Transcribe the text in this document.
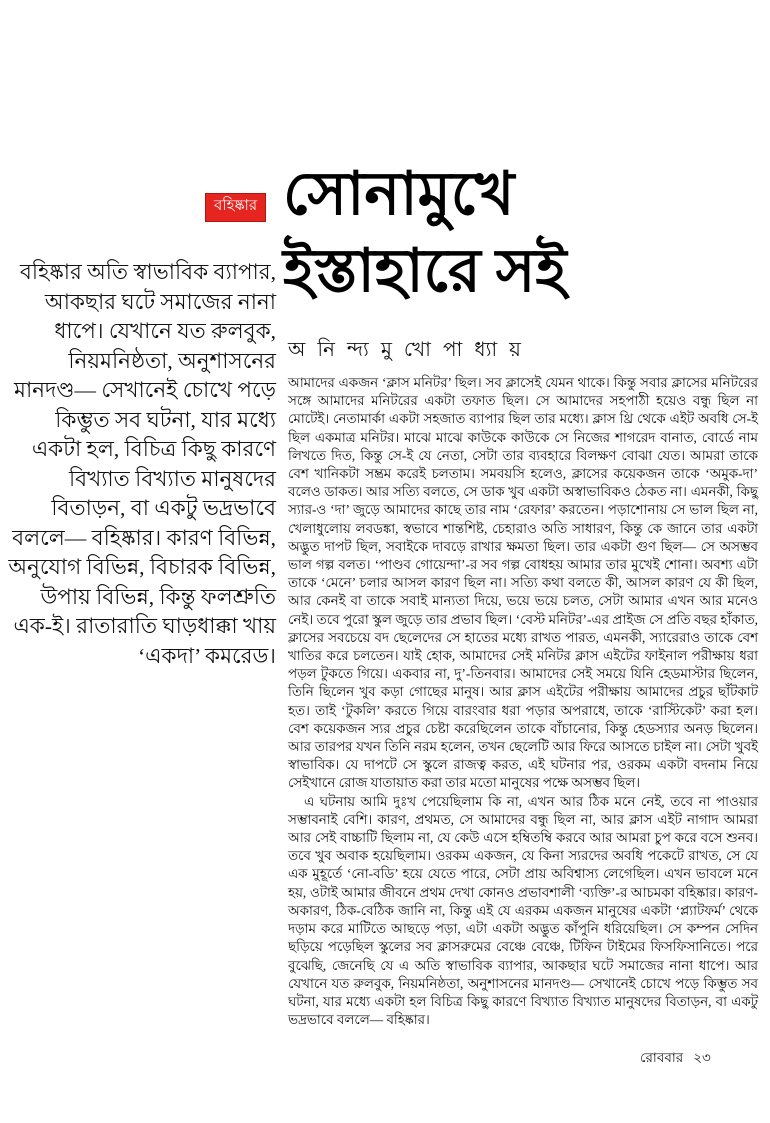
বহিষ্কার সোনামুখে
ইস্তাহারে সই
অ নি ন্দ্য মু খো পা ধ্যা য়
বহিষ্কার অতি স্বাভাবিক ব্যাপার, আকছার ঘটে সমাজের নানা ধাপে। যেখানে যত রুলবুক, নিয়মনিষ্ঠতা, অনুশাসনের মানদণ্ড— সেখানেই চোখে পড়ে কিম্ভুত সব ঘটনা, যার মধ্যে একটা হল, বিচিত্র কিছু কারণে বিখ্যাত বিখ্যাত মানুষদের বিতাড়ন, বা একটু ভদ্রভাবে বললে— বহিষ্কার। কারণ বিভিন্ন, অনুযোগ বিভিন্ন, বিচারক বিভিন্ন, উপায় বিভিন্ন, কিন্তু ফলশ্রুতি এক-ই। রাতারাতি ঘাড়ধাক্কা খায় ‘একদা’ কমরেড।

আমাদের একজন ‘ক্লাস মনিটর’ ছিল। সব ক্লাসেই যেমন থাকে। কিন্তু সবার ক্লাসের মনিটরের সঙ্গে আমাদের মনিটরের একটা তফাত ছিল। সে আমাদের সহপাঠী হয়েও বন্ধু ছিল না মোটেই। নেতামার্কা একটা সহজাত ব্যাপার ছিল তার মধ্যে। ক্লাস থ্রি থেকে এইট অবধি সে-ই ছিল একমাত্র মনিটর। মাঝে মাঝে কাউকে কাউকে সে নিজের শাগরেদ বানাত, বোর্ডে নাম লিখতে দিত, কিন্তু সে-ই যে নেতা, সেটা তার ব্যবহারে বিলক্ষণ বোঝা যেত। আমরা তাকে বেশ খানিকটা সম্ভ্রম করেই চলতাম। সমবয়সি হলেও, ক্লাসের কয়েকজন তাকে ‘অমুক-দা’ বলেও ডাকত। আর সত্যি বলতে, সে ডাক খুব একটা অস্বাভাবিকও ঠেকত না। এমনকী, কিছু স্যার-ও ‘দা’ জুড়ে আমাদের কাছে তার নাম ‘রেফার’ করতেন। পড়াশোনায় সে ভাল ছিল না, খেলাধুলোয় লবডঙ্কা, স্বভাবে শান্তশিষ্ট, চেহারাও অতি সাধারণ, কিন্তু কে জানে তার একটা অদ্ভুত দাপট ছিল, সবাইকে দাবড়ে রাখার ক্ষমতা ছিল। তার একটা গুণ ছিল— সে অসম্ভব ভাল গল্প বলত। ‘পাণ্ডব গোয়েন্দা’-র সব গল্প বোধহয় আমার তার মুখেই শোনা। অবশ্য এটা তাকে ‘মেনে’ চলার আসল কারণ ছিল না। সত্যি কথা বলতে কী, আসল কারণ যে কী ছিল, আর কেনই বা তাকে সবাই মান্যতা দিয়ে, ভয়ে ভয়ে চলত, সেটা আমার এখন আর মনেও নেই। তবে পুরো স্কুল জুড়ে তার প্রভাব ছিল। ‘বেস্ট মনিটর’-এর প্রাইজ সে প্রতি বছর হাঁকাত, ক্লাসের সবচেয়ে বদ ছেলেদের সে হাতের মধ্যে রাখত পারত, এমনকী, স্যারেরাও তাকে বেশ খাতির করে চলতেন। যাই হোক, আমাদের সেই মনিটর ক্লাস এইটের ফাইনাল পরীক্ষায় ধরা পড়ল টুকতে গিয়ে। একবার না, দু’-তিনবার। আমাদের সেই সময়ে যিনি হেডমাস্টার ছিলেন, তিনি ছিলেন খুব কড়া গোছের মানুষ। আর ক্লাস এইটের পরীক্ষায় আমাদের প্রচুর ছাঁটকাট হত। তাই ‘টুকলি’ করতে গিয়ে বারংবার ধরা পড়ার অপরাধে, তাকে ‘রাস্টিকেট’ করা হল। বেশ কয়েকজন স্যর প্রচুর চেষ্টা করেছিলেন তাকে বাঁচানোর, কিন্তু হেডস্যার অনড় ছিলেন। আর তারপর যখন তিনি নরম হলেন, তখন ছেলেটি আর ফিরে আসতে চাইল না। সেটা খুবই স্বাভাবিক। যে দাপটে সে স্কুলে রাজত্ব করত, এই ঘটনার পর, ওরকম একটা বদনাম নিয়ে সেইখানে রোজ যাতায়াত করা তার মতো মানুষের পক্ষে অসম্ভব ছিল।

এ ঘটনায় আমি দুঃখ পেয়েছিলাম কি না, এখন আর ঠিক মনে নেই, তবে না পাওয়ার সম্ভাবনাই বেশি। কারণ, প্রথমত, সে আমাদের বন্ধু ছিল না, আর ক্লাস এইট নাগাদ আমরা আর সেই বাচ্চাটি ছিলাম না, যে কেউ এসে হম্বিতম্বি করবে আর আমরা চুপ করে বসে শুনব। তবে খুব অবাক হয়েছিলাম। ওরকম একজন, যে কিনা স্যরদের অবধি পকেটে রাখত, সে যে এক মুহূর্তে ‘নো-বডি’ হয়ে যেতে পারে, সেটা প্রায় অবিশ্বাস্য লেগেছিল। এখন ভাবলে মনে হয়, ওটাই আমার জীবনে প্রথম দেখা কোনও প্রভাবশালী ‘ব্যক্তি’-র আচমকা বহিষ্কার। কারণ-অকারণ, ঠিক-বেঠিক জানি না, কিন্তু এই যে এরকম একজন মানুষের একটা ‘প্ল্যাটফর্ম’ থেকে দড়াম করে মাটিতে আছড়ে পড়া, এটা একটা অদ্ভুত কাঁপুনি ধরিয়েছিল। সে কম্পন সেদিন ছড়িয়ে পড়েছিল স্কুলের সব ক্লাসরুমের বেঞ্চে বেঞ্চে, টিফিন টাইমের ফিসফিসানিতে। পরে বুঝেছি, জেনেছি যে এ অতি স্বাভাবিক ব্যাপার, আকছার ঘটে সমাজের নানা ধাপে। আর যেখানে যত রুলবুক, নিয়মনিষ্ঠতা, অনুশাসনের মানদণ্ড— সেখানেই চোখে পড়ে কিম্ভুত সব ঘটনা, যার মধ্যে একটা হল বিচিত্র কিছু কারণে বিখ্যাত বিখ্যাত মানুষদের বিতাড়ন, বা একটু ভদ্রভাবে বললে— বহিষ্কার।

রোববার ২৩
